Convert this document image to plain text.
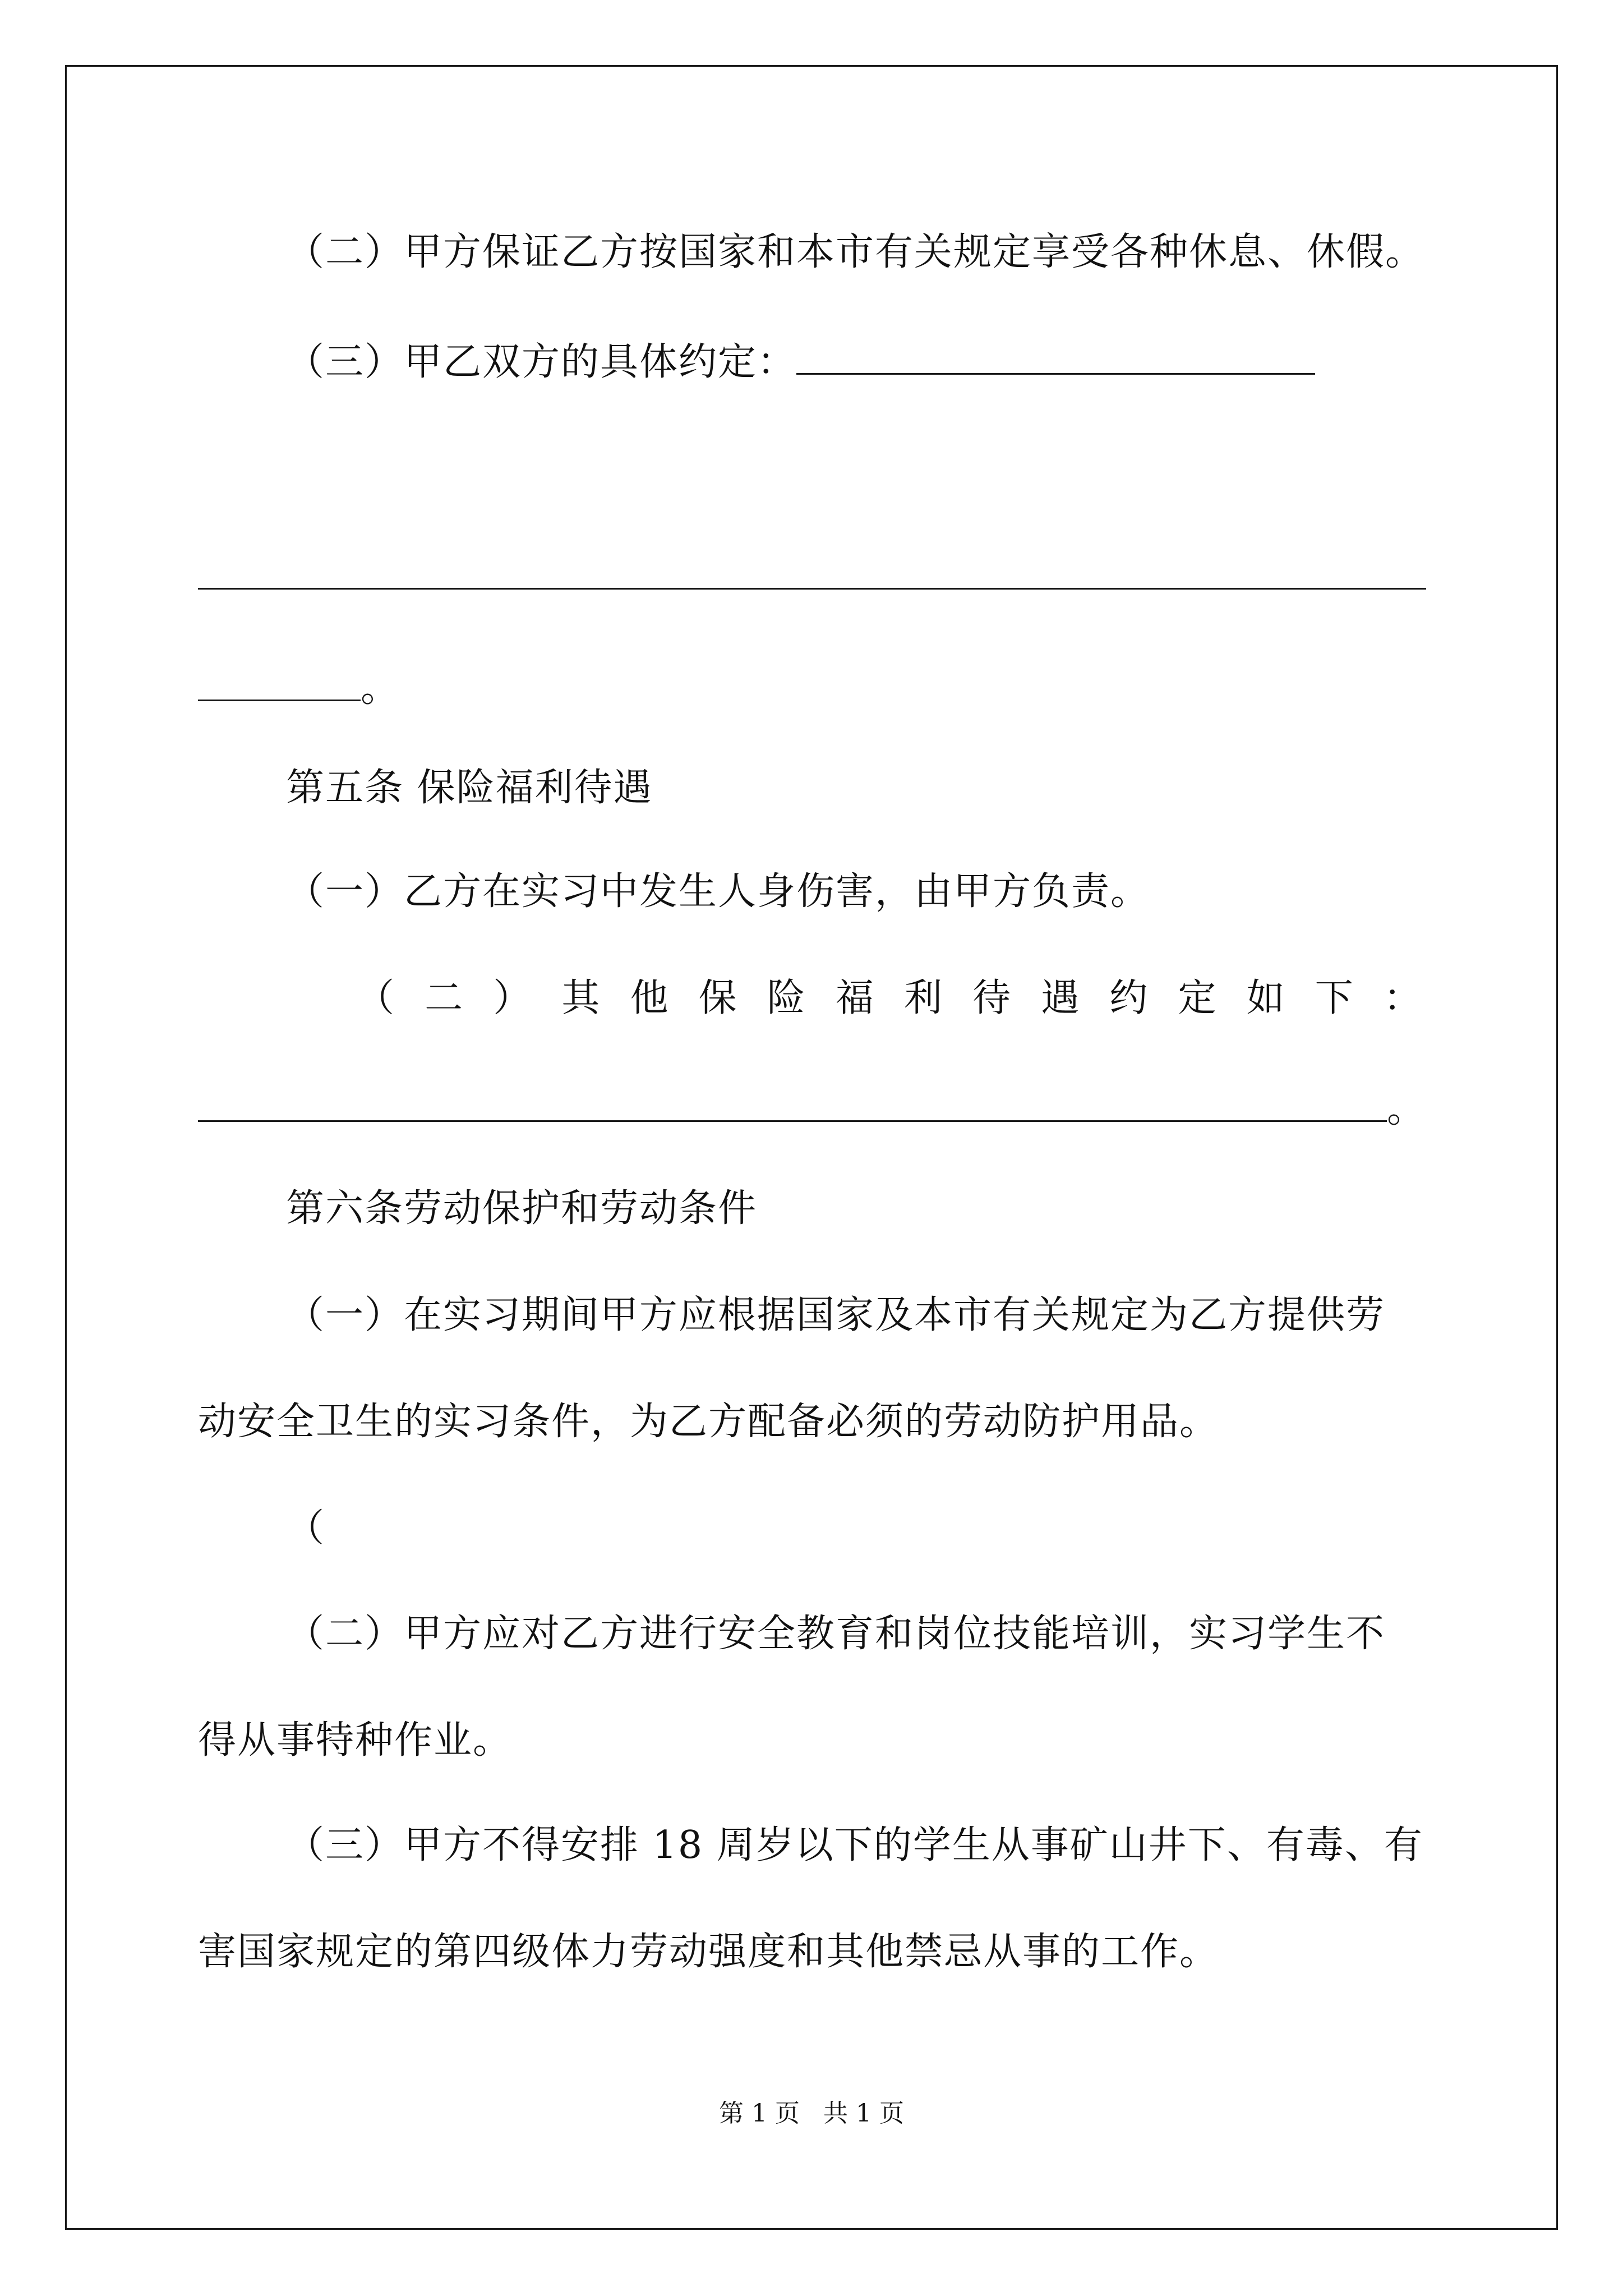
（二）甲方保证乙方按国家和本市有关规定享受各种休息、休假。
（三）甲乙双方的具体约定：
。
第五条 保险福利待遇
（一）乙方在实习中发生人身伤害，由甲方负责。
（ 二 ） 其 他 保 险 福 利 待 遇 约 定 如 下 ：
。
第六条劳动保护和劳动条件
（一）在实习期间甲方应根据国家及本市有关规定为乙方提供劳
动安全卫生的实习条件，为乙方配备必须的劳动防护用品。
（
（二）甲方应对乙方进行安全教育和岗位技能培训，实习学生不
得从事特种作业。
（三）甲方不得安排 18 周岁以下的学生从事矿山井下、有毒、有
害国家规定的第四级体力劳动强度和其他禁忌从事的工作。
第 1 页 共 1 页
